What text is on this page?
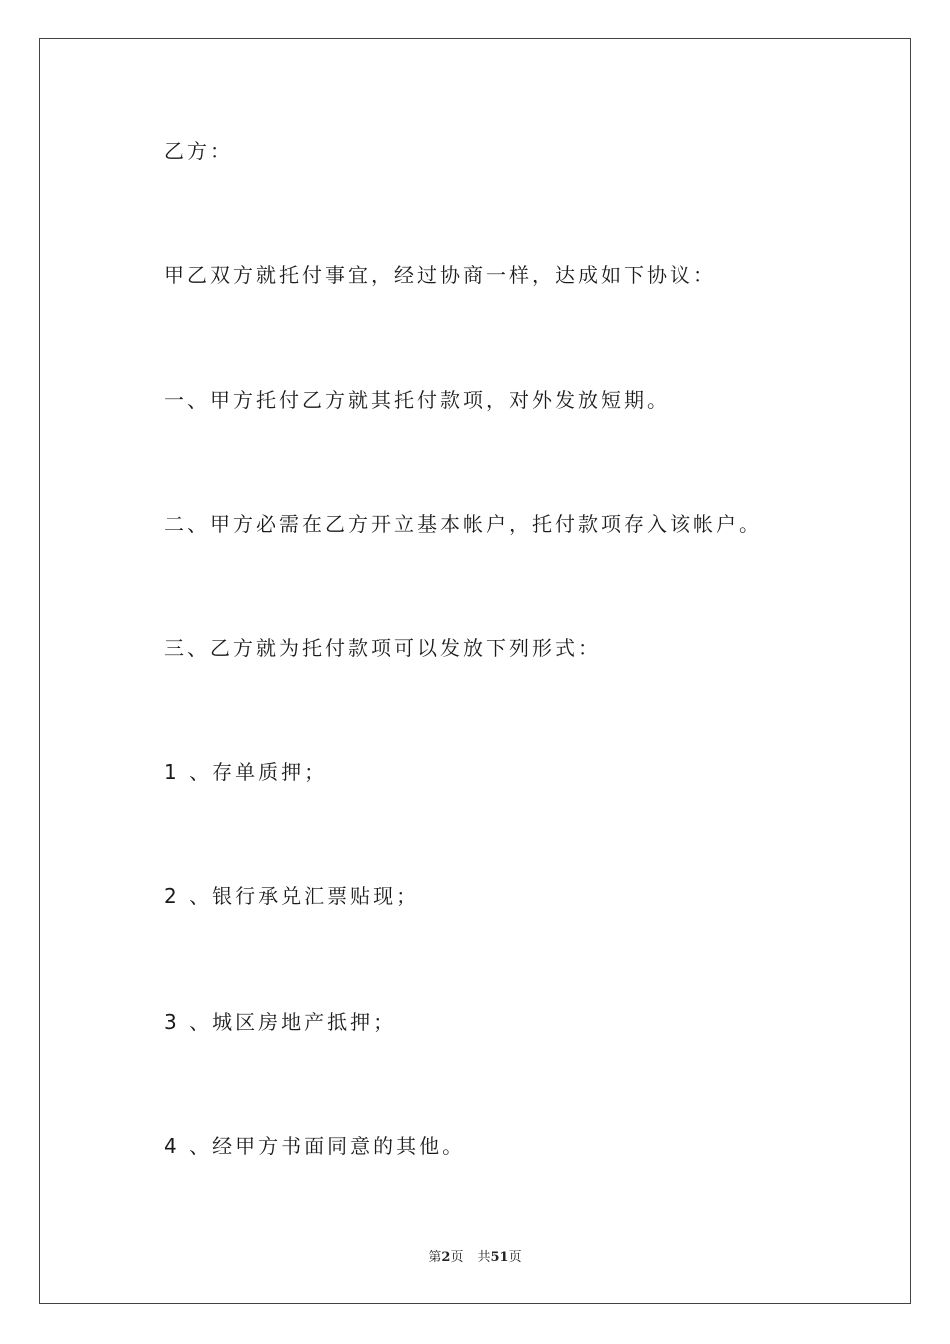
乙方：
甲乙双方就托付事宜，经过协商一样，达成如下协议：
一、甲方托付乙方就其托付款项，对外发放短期。
二、甲方必需在乙方开立基本帐户，托付款项存入该帐户。
三、乙方就为托付款项可以发放下列形式：
1 、存单质押；
2 、银行承兑汇票贴现；
3 、城区房地产抵押；
4 、经甲方书面同意的其他。
第2页 共51页
